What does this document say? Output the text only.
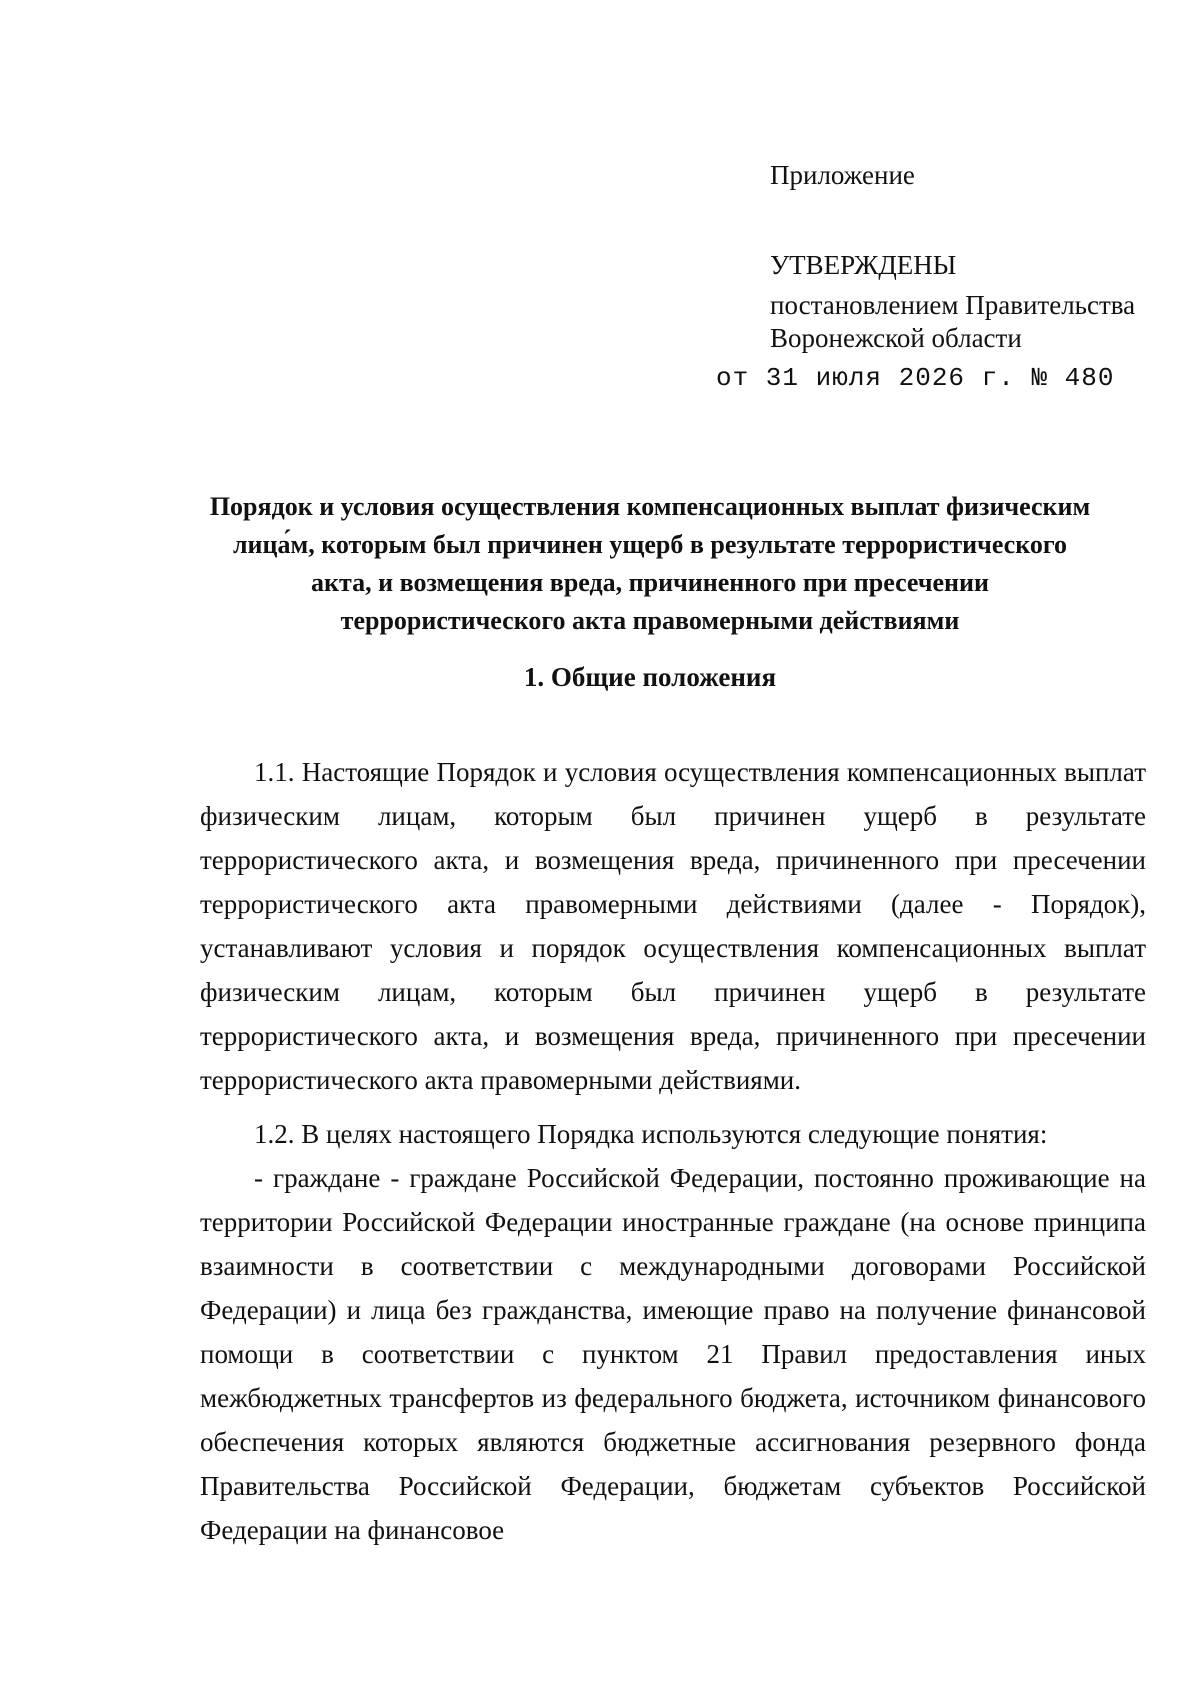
Приложение
УТВЕРЖДЕНЫ
постановлением Правительства
Воронежской области
от 31 июля 2026 г. № 480
Порядок и условия осуществления компенсационных выплат физическим лица́м, которым был причинен ущерб в результате террористического акта, и возмещения вреда, причиненного при пресечении террористического акта правомерными действиями
1. Общие положения

1.1. Настоящие Порядок и условия осуществления компенсационных выплат физическим лицам, которым был причинен ущерб в результате террористического акта, и возмещения вреда, причиненного при пресечении террористического акта правомерными действиями (далее - Порядок), устанавливают условия и порядок осуществления компенсационных выплат физическим лицам, которым был причинен ущерб в результате террористического акта, и возмещения вреда, причиненного при пресечении террористического акта правомерными действиями.

1.2. В целях настоящего Порядка используются следующие понятия:

- граждане - граждане Российской Федерации, постоянно проживающие на территории Российской Федерации иностранные граждане (на основе принципа взаимности в соответствии с международными договорами Российской Федерации) и лица без гражданства, имеющие право на получение финансовой помощи в соответствии с пунктом 21 Правил предоставления иных межбюджетных трансфертов из федерального бюджета, источником финансового обеспечения которых являются бюджетные ассигнования резервного фонда Правительства Российской Федерации, бюджетам субъектов Российской Федерации на финансовое
